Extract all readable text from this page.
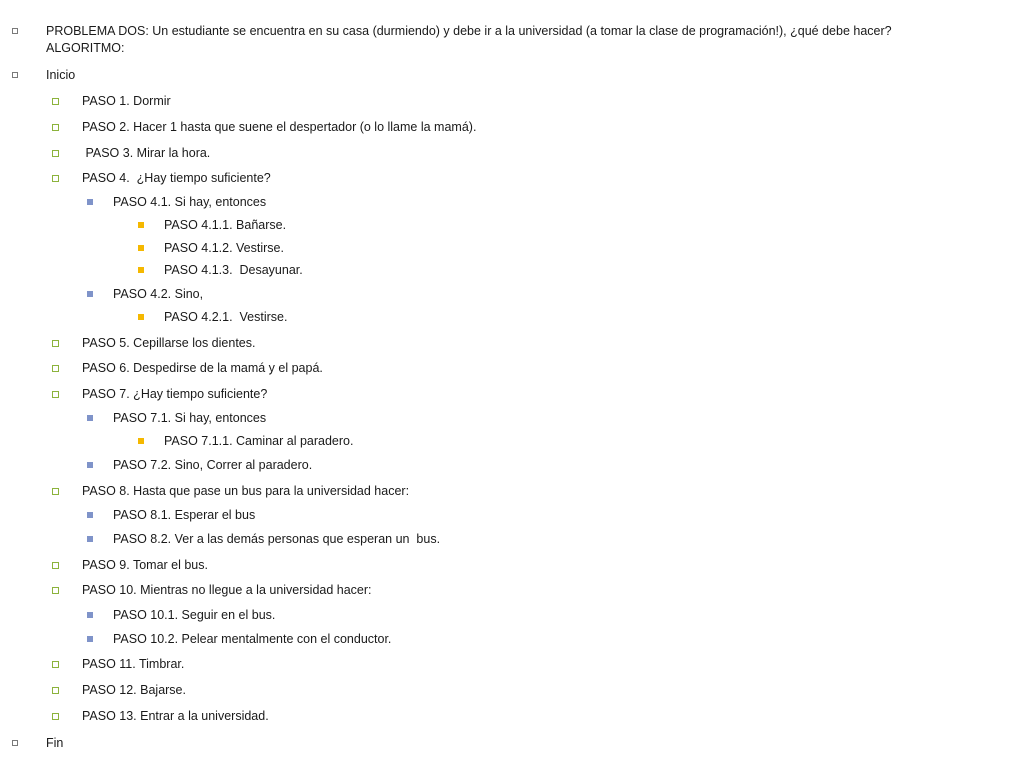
PROBLEMA DOS: Un estudiante se encuentra en su casa (durmiendo) y debe ir a la universidad (a tomar la clase de programación!), ¿qué debe hacer?
ALGORITMO:
Inicio
PASO 1. Dormir
PASO 2. Hacer 1 hasta que suene el despertador (o lo llame la mamá).
PASO 3. Mirar la hora.
PASO 4.  ¿Hay tiempo suficiente?
PASO 4.1. Si hay, entonces
PASO 4.1.1. Bañarse.
PASO 4.1.2. Vestirse.
PASO 4.1.3.  Desayunar.
PASO 4.2. Sino,
PASO 4.2.1.  Vestirse.
PASO 5. Cepillarse los dientes.
PASO 6. Despedirse de la mamá y el papá.
PASO 7. ¿Hay tiempo suficiente?
PASO 7.1. Si hay, entonces
PASO 7.1.1. Caminar al paradero.
PASO 7.2. Sino, Correr al paradero.
PASO 8. Hasta que pase un bus para la universidad hacer:
PASO 8.1. Esperar el bus
PASO 8.2. Ver a las demás personas que esperan un  bus.
PASO 9. Tomar el bus.
PASO 10. Mientras no llegue a la universidad hacer:
PASO 10.1. Seguir en el bus.
PASO 10.2. Pelear mentalmente con el conductor.
PASO 11. Timbrar.
PASO 12. Bajarse.
PASO 13. Entrar a la universidad.
Fin
